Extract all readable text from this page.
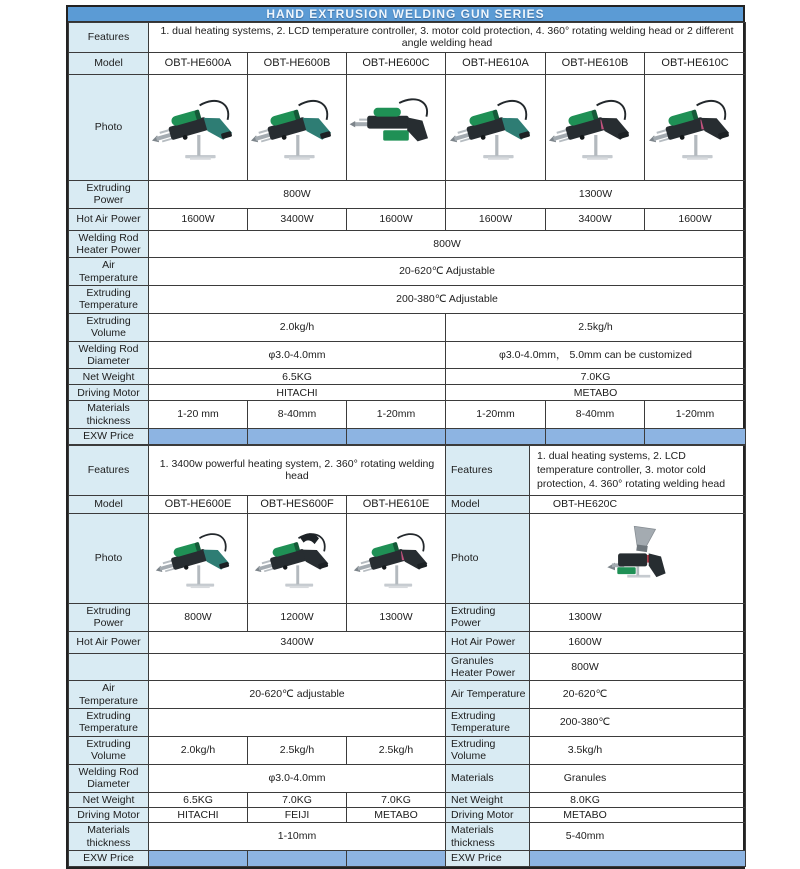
HAND EXTRUSION WELDING GUN SERIES
Features	1. dual heating systems, 2. LCD temperature controller, 3. motor cold protection, 4. 360° rotating welding head or 2 different angle welding head					
Model	OBT-HE600A	OBT-HE600B	OBT-HE600C	OBT-HE610A	OBT-HE610B	OBT-HE610C
Photo	

Extruding Power	800W			1300W		
Hot Air Power	1600W	3400W	1600W	1600W	3400W	1600W
Welding Rod Heater Power	800W					
Air Temperature	20-620℃ Adjustable					
Extruding Temperature	200-380℃ Adjustable					
Extruding Volume	2.0kg/h			2.5kg/h		
Welding Rod Diameter	φ3.0-4.0mm			φ3.0-4.0mm， 5.0mm can be customized		
Net Weight	6.5KG			7.0KG		
Driving Motor	HITACHI			METABO		
Materials thickness	1-20 mm	8-40mm	1-20mm	1-20mm	8-40mm	1-20mm
EXW Price						
Features	1. 3400w powerful heating system, 2. 360° rotating welding head			Features	1. dual heating systems, 2. LCD temperature controller, 3. motor cold protection, 4. 360° rotating welding head
Model	OBT-HE600E	OBT-HES600F	OBT-HE610E	Model	OBT-HE620C

Photo				Photo	

Extruding Power	800W	1200W	1300W	Extruding Power	1300W

Hot Air Power	3400W			Hot Air Power	1600W

				Granules Heater Power	800W

Air Temperature	20-620℃ adjustable			Air Temperature	20-620℃

Extruding Temperature				Extruding Temperature	200-380℃

Extruding Volume	2.0kg/h	2.5kg/h	2.5kg/h	Extruding Volume	3.5kg/h

Welding Rod Diameter	φ3.0-4.0mm			Materials	Granules

Net Weight	6.5KG	7.0KG	7.0KG	Net Weight	8.0KG

Driving Motor	HITACHI	FEIJI	METABO	Driving Motor	METABO

Materials thickness	1-10mm			Materials thickness	5-40mm

EXW Price				EXW Price	
